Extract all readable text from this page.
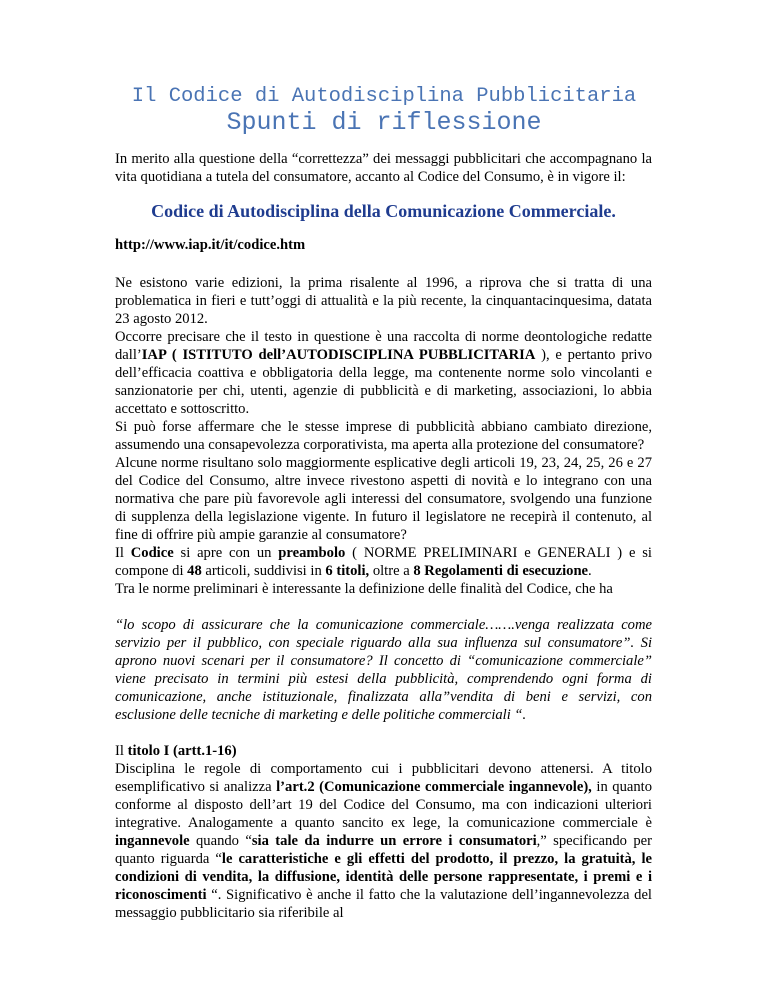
Il Codice di Autodisciplina Pubblicitaria
Spunti di riflessione

In merito alla questione della “correttezza” dei messaggi pubblicitari che accompagnano la vita quotidiana a tutela del consumatore, accanto al Codice del Consumo, è in vigore il:

Codice di Autodisciplina della Comunicazione Commerciale.
http://www.iap.it/it/codice.htm

Ne esistono varie edizioni, la prima risalente al 1996, a riprova che si tratta di una problematica in fieri e tutt’oggi di attualità e la più recente, la cinquantacinquesima, datata 23 agosto 2012.

Occorre precisare che il testo in questione è una raccolta di norme deontologiche redatte dall’IAP ( ISTITUTO dell’AUTODISCIPLINA PUBBLICITARIA ), e pertanto privo dell’efficacia coattiva e obbligatoria della legge, ma contenente norme solo vincolanti e sanzionatorie per chi, utenti, agenzie di pubblicità e di marketing, associazioni, lo abbia accettato e sottoscritto.

Si può forse affermare che le stesse imprese di pubblicità abbiano cambiato direzione, assumendo una consapevolezza corporativista, ma aperta alla protezione del consumatore?

Alcune norme risultano solo maggiormente esplicative degli articoli 19, 23, 24, 25, 26 e 27 del Codice del Consumo, altre invece rivestono aspetti di novità e lo integrano con una normativa che pare più favorevole agli interessi del consumatore, svolgendo una funzione di supplenza della legislazione vigente. In futuro il legislatore ne recepirà il contenuto, al fine di offrire più ampie garanzie al consumatore?

Il Codice si apre con un preambolo ( NORME PRELIMINARI e GENERALI ) e si compone di 48 articoli, suddivisi in 6 titoli, oltre a 8 Regolamenti di esecuzione.

Tra le norme preliminari è interessante la definizione delle finalità del Codice, che ha

“lo scopo di assicurare che la comunicazione commerciale…….venga realizzata come servizio per il pubblico, con speciale riguardo alla sua influenza sul consumatore”. Si aprono nuovi scenari per il consumatore? Il concetto di “comunicazione commerciale” viene precisato in termini più estesi della pubblicità, comprendendo ogni forma di comunicazione, anche istituzionale, finalizzata alla”vendita di beni e servizi, con esclusione delle tecniche di marketing e delle politiche commerciali “.

Il titolo I (artt.1-16)

Disciplina le regole di comportamento cui i pubblicitari devono attenersi. A titolo esemplificativo si analizza l’art.2 (Comunicazione commerciale ingannevole), in quanto conforme al disposto dell’art 19 del Codice del Consumo, ma con indicazioni ulteriori integrative. Analogamente a quanto sancito ex lege, la comunicazione commerciale è ingannevole quando “sia tale da indurre un errore i consumatori,” specificando per quanto riguarda “le caratteristiche e gli effetti del prodotto, il prezzo, la gratuità, le condizioni di vendita, la diffusione, identità delle persone rappresentate, i premi e i riconoscimenti “. Significativo è anche il fatto che la valutazione dell’ingannevolezza del messaggio pubblicitario sia riferibile al
